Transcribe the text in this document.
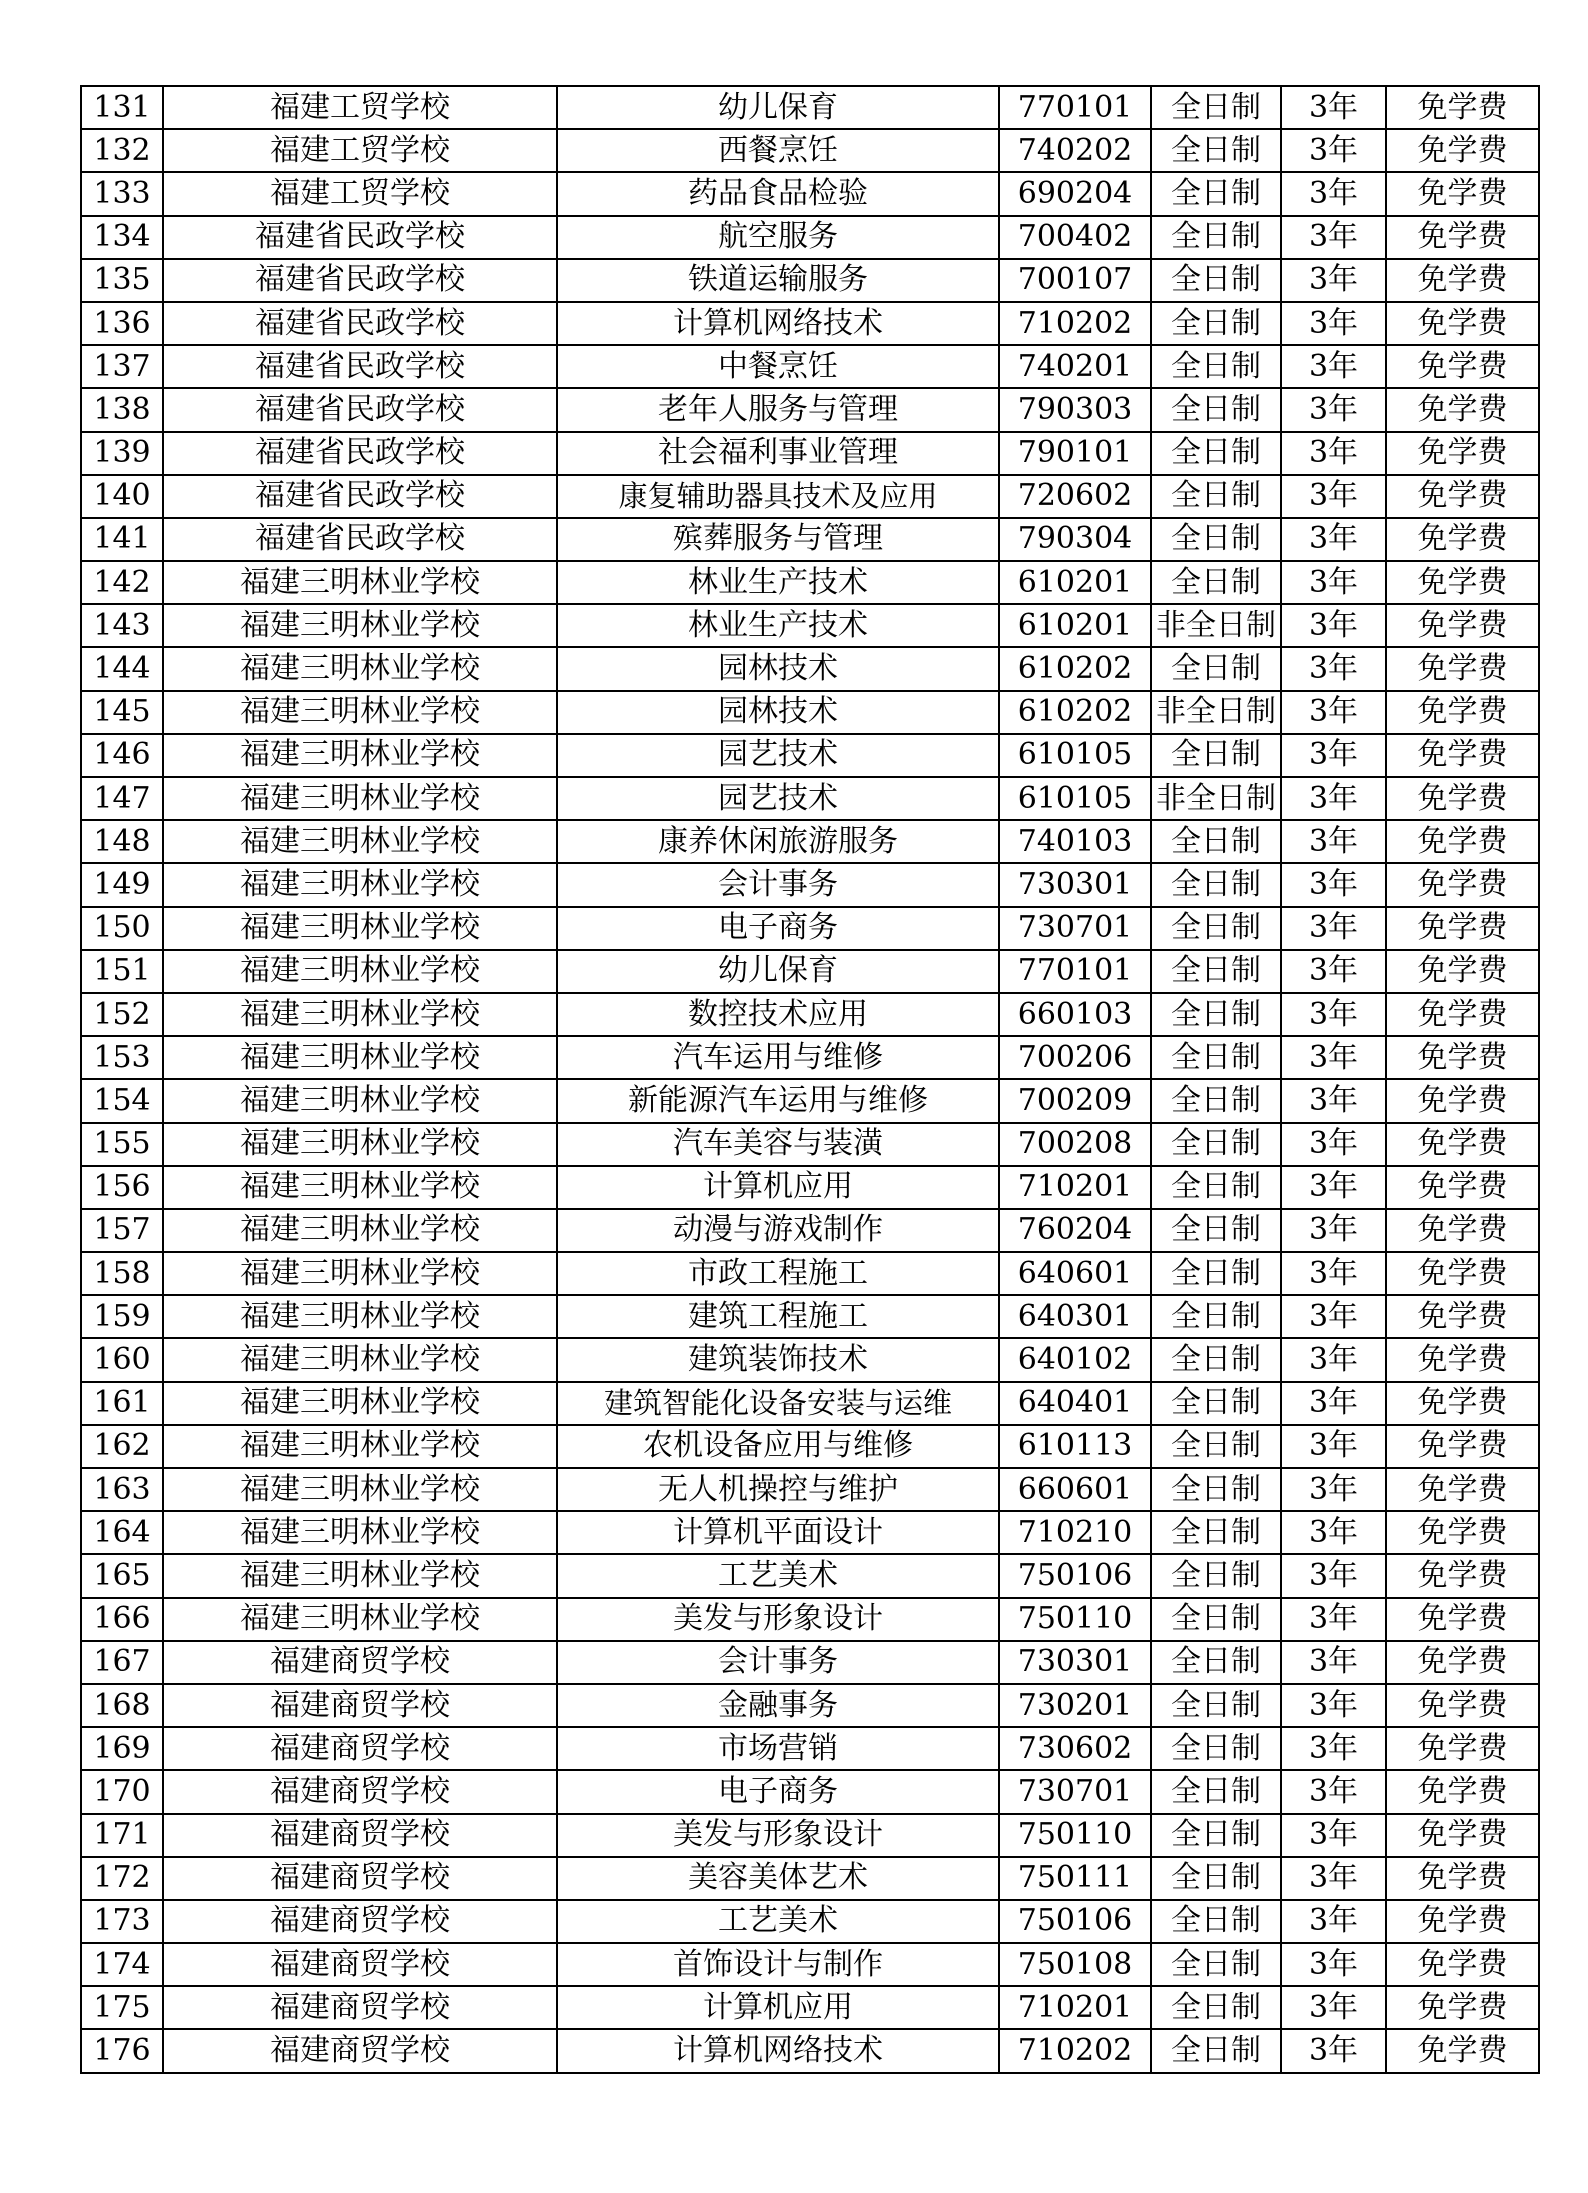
131	福建工贸学校	幼儿保育	770101	全日制	3年	免学费
132	福建工贸学校	西餐烹饪	740202	全日制	3年	免学费
133	福建工贸学校	药品食品检验	690204	全日制	3年	免学费
134	福建省民政学校	航空服务	700402	全日制	3年	免学费
135	福建省民政学校	铁道运输服务	700107	全日制	3年	免学费
136	福建省民政学校	计算机网络技术	710202	全日制	3年	免学费
137	福建省民政学校	中餐烹饪	740201	全日制	3年	免学费
138	福建省民政学校	老年人服务与管理	790303	全日制	3年	免学费
139	福建省民政学校	社会福利事业管理	790101	全日制	3年	免学费
140	福建省民政学校	康复辅助器具技术及应用	720602	全日制	3年	免学费
141	福建省民政学校	殡葬服务与管理	790304	全日制	3年	免学费
142	福建三明林业学校	林业生产技术	610201	全日制	3年	免学费
143	福建三明林业学校	林业生产技术	610201	非全日制	3年	免学费
144	福建三明林业学校	园林技术	610202	全日制	3年	免学费
145	福建三明林业学校	园林技术	610202	非全日制	3年	免学费
146	福建三明林业学校	园艺技术	610105	全日制	3年	免学费
147	福建三明林业学校	园艺技术	610105	非全日制	3年	免学费
148	福建三明林业学校	康养休闲旅游服务	740103	全日制	3年	免学费
149	福建三明林业学校	会计事务	730301	全日制	3年	免学费
150	福建三明林业学校	电子商务	730701	全日制	3年	免学费
151	福建三明林业学校	幼儿保育	770101	全日制	3年	免学费
152	福建三明林业学校	数控技术应用	660103	全日制	3年	免学费
153	福建三明林业学校	汽车运用与维修	700206	全日制	3年	免学费
154	福建三明林业学校	新能源汽车运用与维修	700209	全日制	3年	免学费
155	福建三明林业学校	汽车美容与装潢	700208	全日制	3年	免学费
156	福建三明林业学校	计算机应用	710201	全日制	3年	免学费
157	福建三明林业学校	动漫与游戏制作	760204	全日制	3年	免学费
158	福建三明林业学校	市政工程施工	640601	全日制	3年	免学费
159	福建三明林业学校	建筑工程施工	640301	全日制	3年	免学费
160	福建三明林业学校	建筑装饰技术	640102	全日制	3年	免学费
161	福建三明林业学校	建筑智能化设备安装与运维	640401	全日制	3年	免学费
162	福建三明林业学校	农机设备应用与维修	610113	全日制	3年	免学费
163	福建三明林业学校	无人机操控与维护	660601	全日制	3年	免学费
164	福建三明林业学校	计算机平面设计	710210	全日制	3年	免学费
165	福建三明林业学校	工艺美术	750106	全日制	3年	免学费
166	福建三明林业学校	美发与形象设计	750110	全日制	3年	免学费
167	福建商贸学校	会计事务	730301	全日制	3年	免学费
168	福建商贸学校	金融事务	730201	全日制	3年	免学费
169	福建商贸学校	市场营销	730602	全日制	3年	免学费
170	福建商贸学校	电子商务	730701	全日制	3年	免学费
171	福建商贸学校	美发与形象设计	750110	全日制	3年	免学费
172	福建商贸学校	美容美体艺术	750111	全日制	3年	免学费
173	福建商贸学校	工艺美术	750106	全日制	3年	免学费
174	福建商贸学校	首饰设计与制作	750108	全日制	3年	免学费
175	福建商贸学校	计算机应用	710201	全日制	3年	免学费
176	福建商贸学校	计算机网络技术	710202	全日制	3年	免学费
